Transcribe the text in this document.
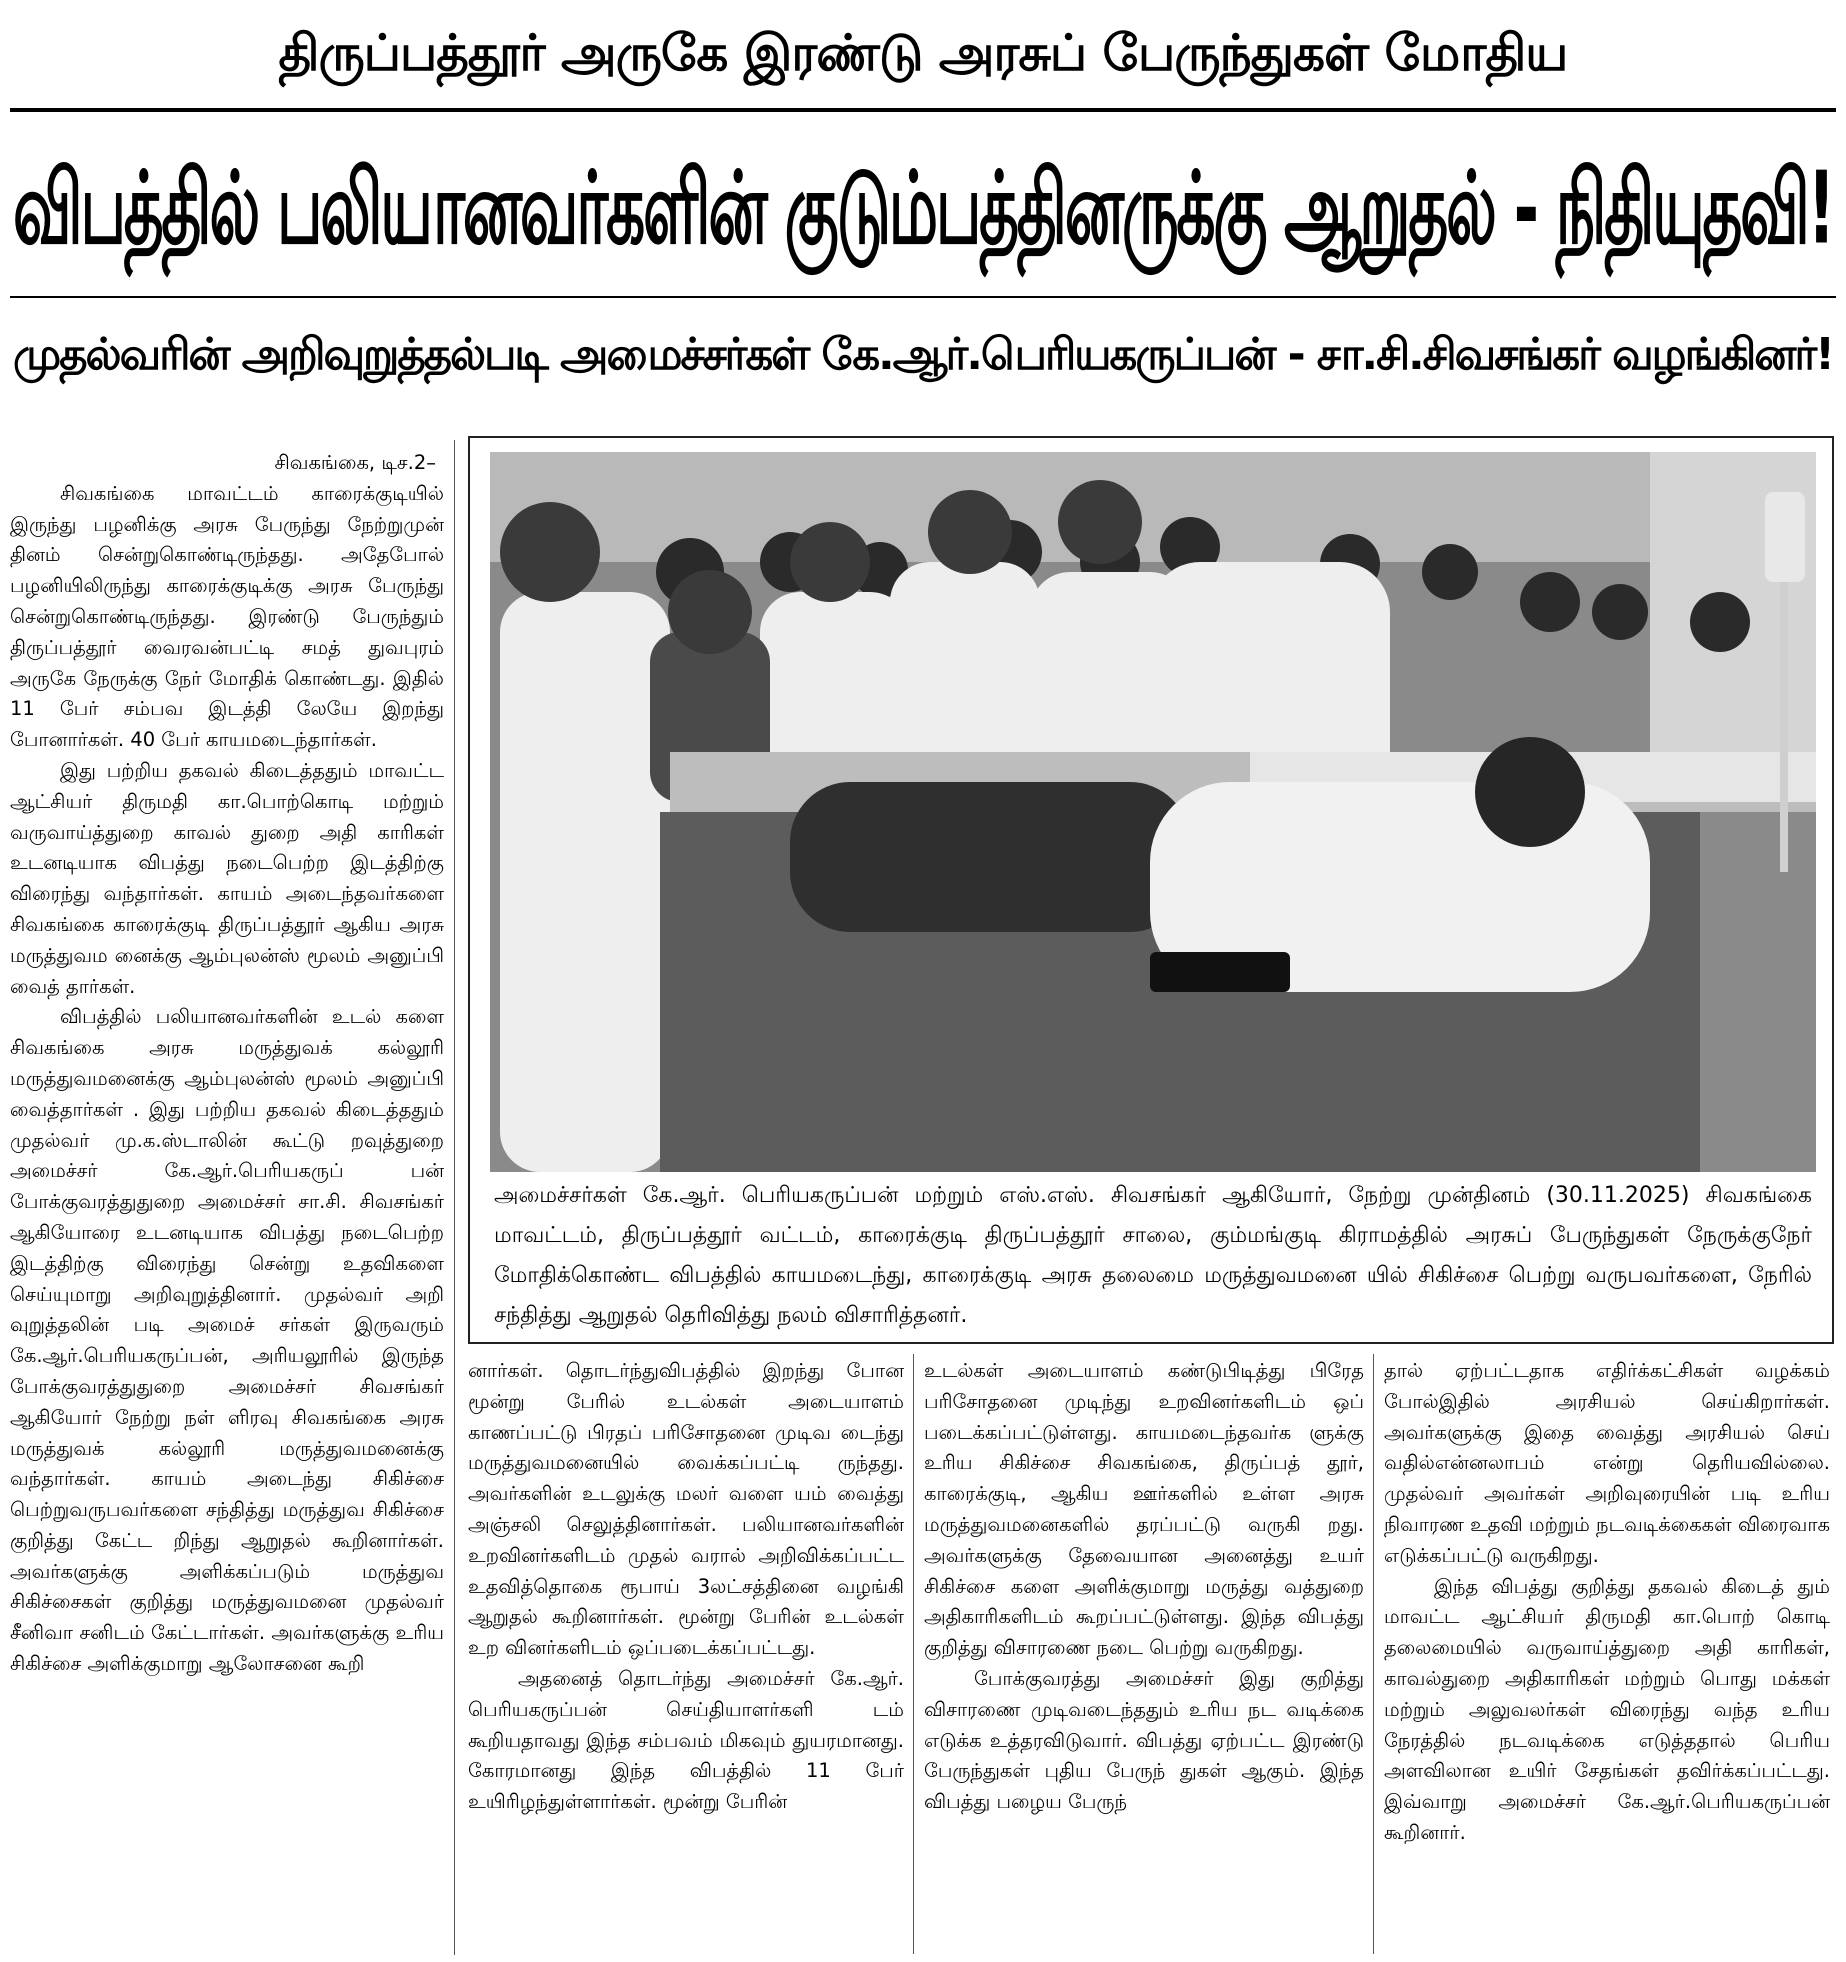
திருப்பத்தூர் அருகே இரண்டு அரசுப் பேருந்துகள் மோதிய
விபத்தில் பலியானவர்களின் குடும்பத்தினருக்கு ஆறுதல் - நிதியுதவி!
முதல்வரின் அறிவுறுத்தல்படி அமைச்சர்கள் கே.ஆர்.பெரியகருப்பன் - சா.சி.சிவசங்கர் வழங்கினர்!
சிவகங்கை, டிச.2–

சிவகங்கை மாவட்டம் காரைக்குடியில் இருந்து பழனிக்கு அரசு பேருந்து நேற்றுமுன் தினம் சென்றுகொண்டிருந்தது. அதேபோல் பழனியிலிருந்து காரைக்குடிக்கு அரசு பேருந்து சென்றுகொண்டிருந்தது. இரண்டு பேருந்தும் திருப்பத்தூர் வைரவன்பட்டி சமத் துவபுரம் அருகே நேருக்கு நேர் மோதிக் கொண்டது. இதில் 11 பேர் சம்பவ இடத்தி லேயே இறந்து போனார்கள். 40 பேர் காயமடைந்தார்கள்.

இது பற்றிய தகவல் கிடைத்ததும் மாவட்ட ஆட்சியர் திருமதி கா.பொற்கொடி மற்றும் வருவாய்த்துறை காவல் துறை அதி காரிகள் உடனடியாக விபத்து நடைபெற்ற இடத்திற்கு விரைந்து வந்தார்கள். காயம் அடைந்தவர்களை சிவகங்கை காரைக்குடி திருப்பத்தூர் ஆகிய அரசு மருத்துவம னைக்கு ஆம்புலன்ஸ் மூலம் அனுப்பி வைத் தார்கள்.

விபத்தில் பலியானவர்களின் உடல் களை சிவகங்கை அரசு மருத்துவக் கல்லூரி மருத்துவமனைக்கு ஆம்புலன்ஸ் மூலம் அனுப்பி வைத்தார்கள் . இது பற்றிய தகவல் கிடைத்ததும் முதல்வர் மு.க.ஸ்டாலின் கூட்டு றவுத்துறை அமைச்சர் கே.ஆர்.பெரியகருப் பன் போக்குவரத்துதுறை அமைச்சர் சா.சி. சிவசங்கர் ஆகியோரை உடனடியாக விபத்து நடைபெற்ற இடத்திற்கு விரைந்து சென்று உதவிகளை செய்யுமாறு அறிவுறுத்தினார். முதல்வர் அறி வுறுத்தலின் படி அமைச் சர்கள் இருவரும் கே.ஆர்.பெரியகருப்பன், அரியலூரில் இருந்த போக்குவரத்துதுறை அமைச்சர் சிவசங்கர் ஆகியோர் நேற்று நள் ளிரவு சிவகங்கை அரசு மருத்துவக் கல்லூரி மருத்துவமனைக்கு வந்தார்கள். காயம் அடைந்து சிகிச்சை பெற்றுவருபவர்களை சந்தித்து மருத்துவ சிகிச்சை குறித்து கேட்ட றிந்து ஆறுதல் கூறினார்கள். அவர்களுக்கு அளிக்கப்படும் மருத்துவ சிகிச்சைகள் குறித்து மருத்துவமனை முதல்வர் சீனிவா சனிடம் கேட்டார்கள். அவர்களுக்கு உரிய சிகிச்சை அளிக்குமாறு ஆலோசனை கூறி

அமைச்சர்கள் கே.ஆர். பெரியகருப்பன் மற்றும் எஸ்.எஸ். சிவசங்கர் ஆகியோர், நேற்று முன்தினம் (30.11.2025) சிவகங்கை மாவட்டம், திருப்பத்தூர் வட்டம், காரைக்குடி திருப்பத்தூர் சாலை, கும்மங்குடி கிராமத்தில் அரசுப் பேருந்துகள் நேருக்குநேர் மோதிக்கொண்ட விபத்தில் காயமடைந்து, காரைக்குடி அரசு தலைமை மருத்துவமனை யில் சிகிச்சை பெற்று வருபவர்களை, நேரில் சந்தித்து ஆறுதல் தெரிவித்து நலம் விசாரித்தனர்.

னார்கள். தொடர்ந்துவிபத்தில் இறந்து போன மூன்று பேரில் உடல்கள் அடையாளம் காணப்பட்டு பிரதப் பரிசோதனை முடிவ டைந்து மருத்துவமனையில் வைக்கப்பட்டி ருந்தது. அவர்களின் உடலுக்கு மலர் வளை யம் வைத்து அஞ்சலி செலுத்தினார்கள். பலியானவர்களின் உறவினர்களிடம் முதல் வரால் அறிவிக்கப்பட்ட உதவித்தொகை ரூபாய் 3லட்சத்தினை வழங்கி ஆறுதல் கூறினார்கள். மூன்று பேரின் உடல்கள் உற வினர்களிடம் ஒப்படைக்கப்பட்டது.

அதனைத் தொடர்ந்து அமைச்சர் கே.ஆர். பெரியகருப்பன் செய்தியாளர்களி டம் கூறியதாவது இந்த சம்பவம் மிகவும் துயரமானது. கோரமானது இந்த விபத்தில் 11 பேர் உயிரிழந்துள்ளார்கள். மூன்று பேரின்

உடல்கள் அடையாளம் கண்டுபிடித்து பிரேத பரிசோதனை முடிந்து உறவினர்களிடம் ஒப் படைக்கப்பட்டுள்ளது. காயமடைந்தவர்க ளுக்கு உரிய சிகிச்சை சிவகங்கை, திருப்பத் தூர், காரைக்குடி, ஆகிய ஊர்களில் உள்ள அரசு மருத்துவமனைகளில் தரப்பட்டு வருகி றது. அவர்களுக்கு தேவையான அனைத்து உயர் சிகிச்சை களை அளிக்குமாறு மருத்து வத்துறை அதிகாரிகளிடம் கூறப்பட்டுள்ளது. இந்த விபத்து குறித்து விசாரணை நடை பெற்று வருகிறது.

போக்குவரத்து அமைச்சர் இது குறித்து விசாரணை முடிவடைந்ததும் உரிய நட வடிக்கை எடுக்க உத்தரவிடுவார். விபத்து ஏற்பட்ட இரண்டு பேருந்துகள் புதிய பேருந் துகள் ஆகும். இந்த விபத்து பழைய பேருந்

தால் ஏற்பட்டதாக எதிர்க்கட்சிகள் வழக்கம் போல்இதில் அரசியல் செய்கிறார்கள். அவர்களுக்கு இதை வைத்து அரசியல் செய் வதில்என்னலாபம் என்று தெரியவில்லை. முதல்வர் அவர்கள் அறிவுரையின் படி உரிய நிவாரண உதவி மற்றும் நடவடிக்கைகள் விரைவாக எடுக்கப்பட்டு வருகிறது.

இந்த விபத்து குறித்து தகவல் கிடைத் தும் மாவட்ட ஆட்சியர் திருமதி கா.பொற் கொடி தலைமையில் வருவாய்த்துறை அதி காரிகள், காவல்துறை அதிகாரிகள் மற்றும் பொது மக்கள் மற்றும் அலுவலர்கள் விரைந்து வந்த உரிய நேரத்தில் நடவடிக்கை எடுத்ததால் பெரிய அளவிலான உயிர் சேதங்கள் தவிர்க்கப்பட்டது. இவ்வாறு அமைச்சர் கே.ஆர்.பெரியகருப்பன் கூறினார்.
